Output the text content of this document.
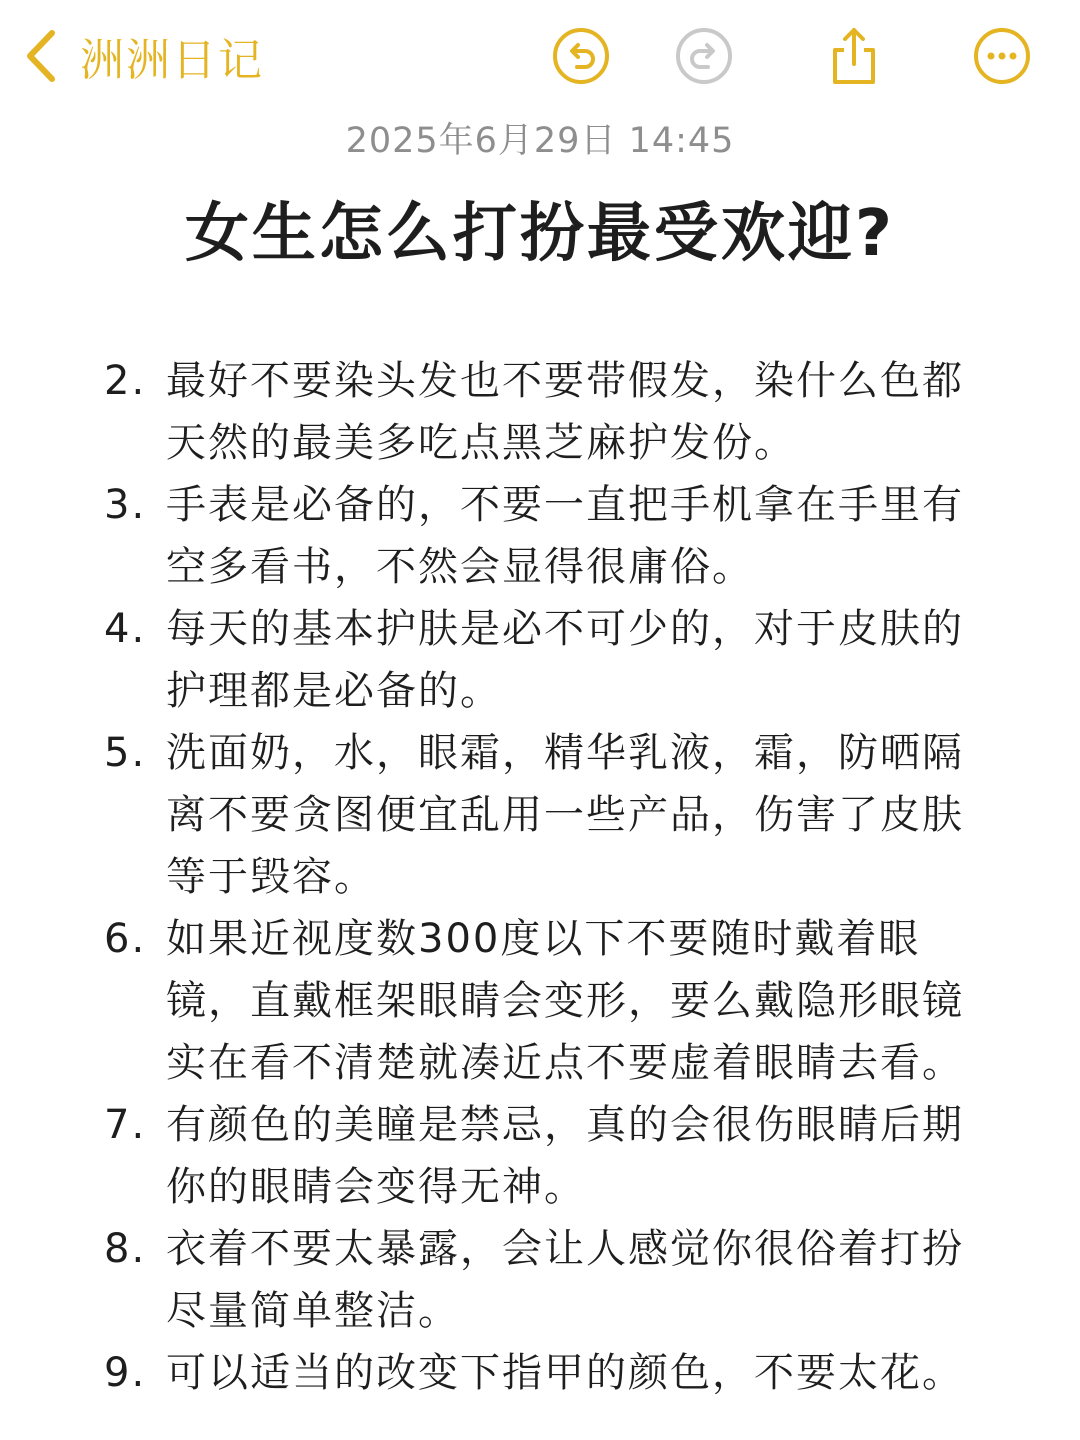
洲洲日记
2025年6月29日 14:45
女生怎么打扮最受欢迎?
2. 最好不要染头发也不要带假发，染什么色都天然的最美多吃点黑芝麻护发份。
3. 手表是必备的，不要一直把手机拿在手里有空多看书，不然会显得很庸俗。
4. 每天的基本护肤是必不可少的，对于皮肤的护理都是必备的。
5. 洗面奶，水，眼霜，精华乳液，霜，防晒隔离不要贪图便宜乱用一些产品，伤害了皮肤等于毁容。
6. 如果近视度数300度以下不要随时戴着眼镜，直戴框架眼睛会变形，要么戴隐形眼镜实在看不清楚就凑近点不要虚着眼睛去看。
7. 有颜色的美瞳是禁忌，真的会很伤眼睛后期你的眼睛会变得无神。
8. 衣着不要太暴露，会让人感觉你很俗着打扮尽量简单整洁。
9. 可以适当的改变下指甲的颜色，不要太花。
